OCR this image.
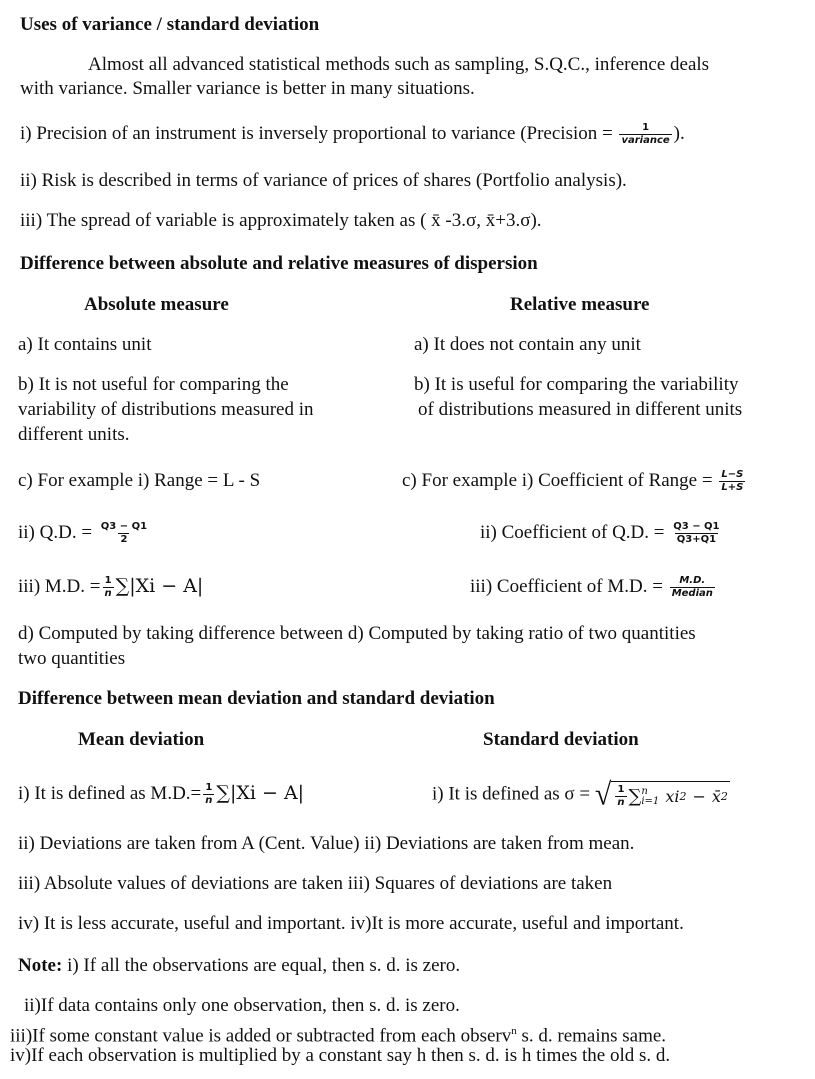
Uses of variance / standard deviation
Almost all advanced statistical methods such as sampling, S.Q.C., inference deals
with variance. Smaller variance is better in many situations.
i) Precision of an instrument is inversely proportional to variance (Precision = $\frac{1}{\text{variance}}$ ).
ii) Risk is described in terms of variance of prices of shares (Portfolio analysis).
iii) The spread of variable is approximately taken as ( x̄ -3.σ, x̄+3.σ).
Difference between absolute and relative measures of dispersion
Absolute measure	Relative measure
a) It contains unit	a) It does not contain any unit
b) It is not useful for comparing the
variability of distributions measured in
different units.
b) It is useful for comparing the variability
of distributions measured in different units
c) For example i) Range = L - S	c) For example i) Coefficient of Range = $\frac{L-S}{L+S}$
ii) Q.D. = $\frac{Q3 - Q1}{2}$	ii) Coefficient of Q.D. = $\frac{Q3 - Q1}{Q3+Q1}$
iii) M.D. = $\frac{1}{n} \sum|Xi - A|$	iii) Coefficient of M.D. = $\frac{M.D.}{\text{Median}}$
d) Computed by taking difference between d) Computed by taking ratio of two quantities
two quantities
Difference between mean deviation and standard deviation
Mean deviation	Standard deviation
i) It is defined as $M.D.= \frac{1}{n} \sum|Xi - A|$	i) It is defined as σ = √ $\frac{1}{n}$ ∑ n
i=1 xi 2 − x̄ 2
ii) Deviations are taken from A (Cent. Value) ii) Deviations are taken from mean.
iii) Absolute values of deviations are taken iii) Squares of deviations are taken
iv) It is less accurate, useful and important. iv)It is more accurate, useful and important.
Note: i) If all the observations are equal, then s. d. is zero.
ii)If data contains only one observation, then s. d. is zero.
iii)If some constant value is added or subtracted from each observ$^n$ s. d. remains same.
iv)If each observation is multiplied by a constant say h then s. d. is h times the old s. d.
